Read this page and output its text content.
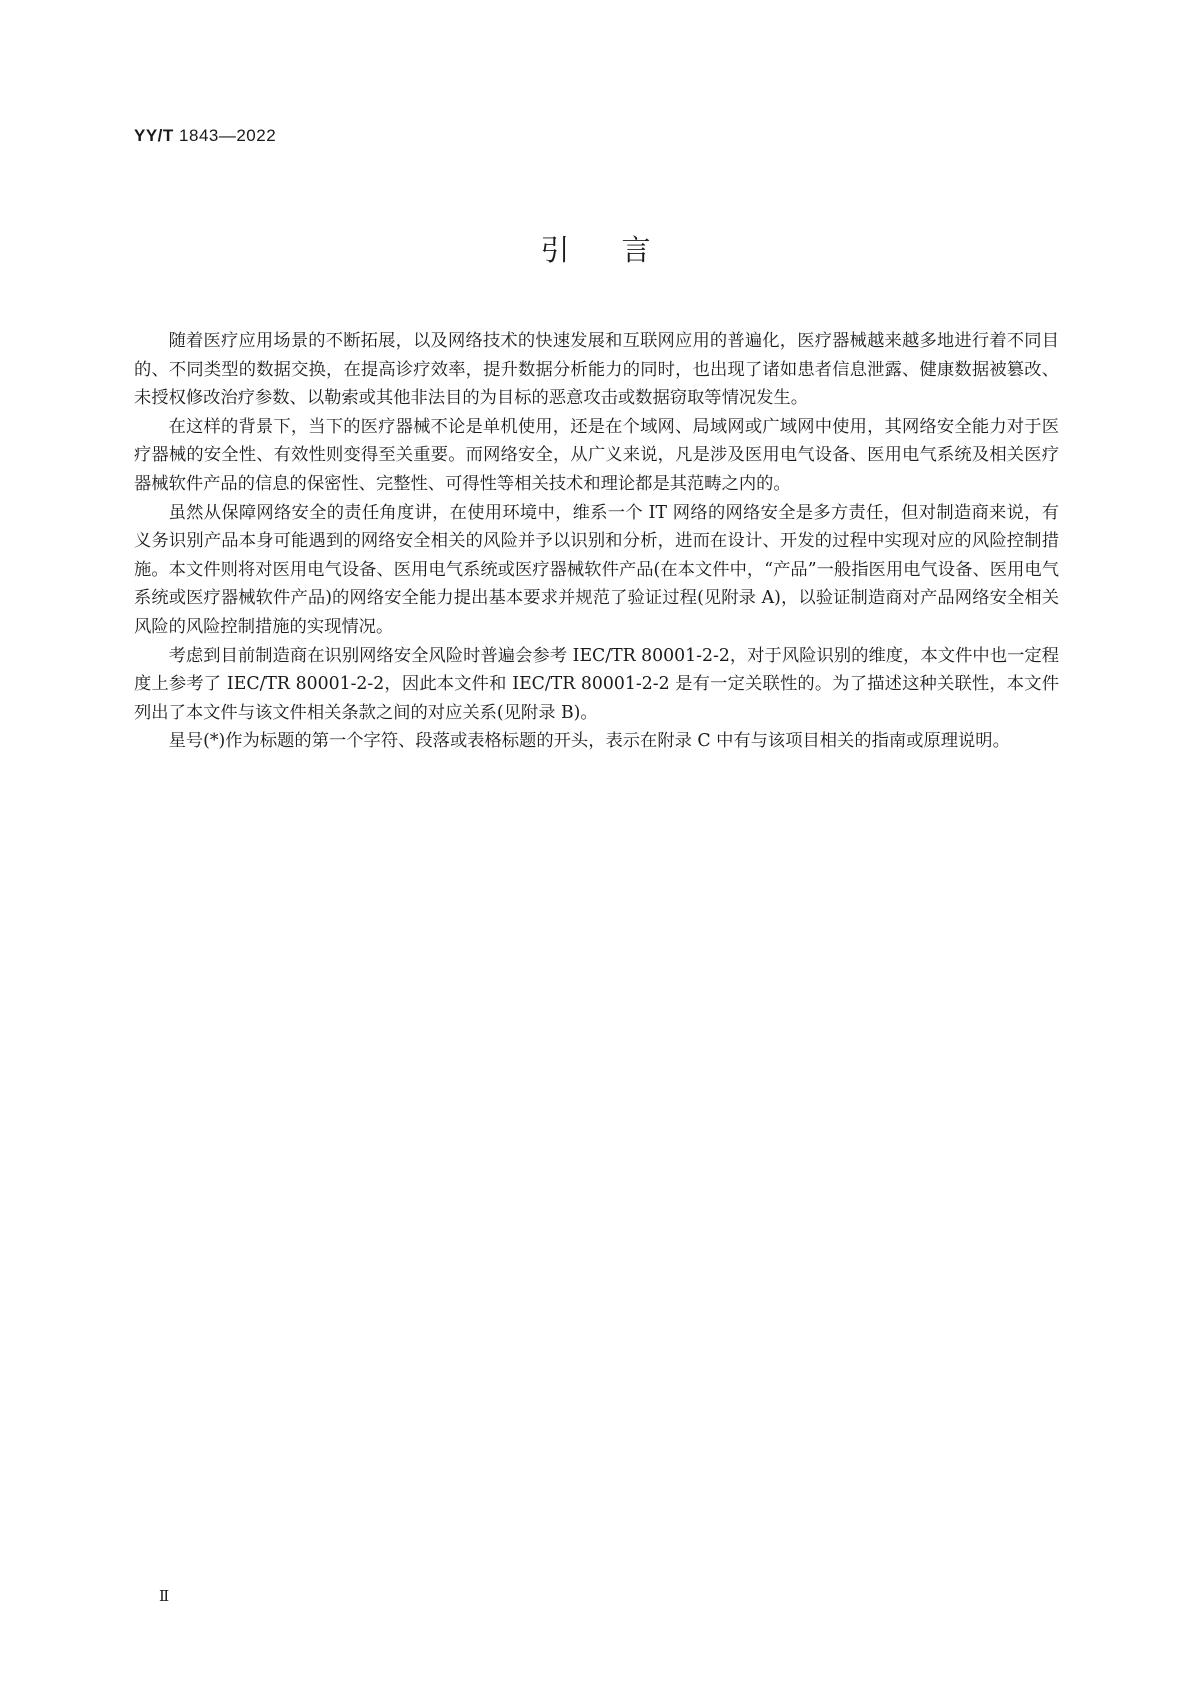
YY/T 1843—2022
引言

随着医疗应用场景的不断拓展，以及网络技术的快速发展和互联网应用的普遍化，医疗器械越来越多地进行着不同目的、不同类型的数据交换，在提高诊疗效率，提升数据分析能力的同时，也出现了诸如患者信息泄露、健康数据被篡改、未授权修改治疗参数、以勒索或其他非法目的为目标的恶意攻击或数据窃取等情况发生。

在这样的背景下，当下的医疗器械不论是单机使用，还是在个域网、局域网或广域网中使用，其网络安全能力对于医疗器械的安全性、有效性则变得至关重要。而网络安全，从广义来说，凡是涉及医用电气设备、医用电气系统及相关医疗器械软件产品的信息的保密性、完整性、可得性等相关技术和理论都是其范畴之内的。

虽然从保障网络安全的责任角度讲，在使用环境中，维系一个 IT 网络的网络安全是多方责任，但对制造商来说，有义务识别产品本身可能遇到的网络安全相关的风险并予以识别和分析，进而在设计、开发的过程中实现对应的风险控制措施。本文件则将对医用电气设备、医用电气系统或医疗器械软件产品(在本文件中，“产品”一般指医用电气设备、医用电气系统或医疗器械软件产品)的网络安全能力提出基本要求并规范了验证过程(见附录 A)，以验证制造商对产品网络安全相关风险的风险控制措施的实现情况。

考虑到目前制造商在识别网络安全风险时普遍会参考 IEC/TR 80001-2-2，对于风险识别的维度，本文件中也一定程度上参考了 IEC/TR 80001-2-2，因此本文件和 IEC/TR 80001-2-2 是有一定关联性的。为了描述这种关联性，本文件列出了本文件与该文件相关条款之间的对应关系(见附录 B)。

星号(*)作为标题的第一个字符、段落或表格标题的开头，表示在附录 C 中有与该项目相关的指南或原理说明。

Ⅱ
